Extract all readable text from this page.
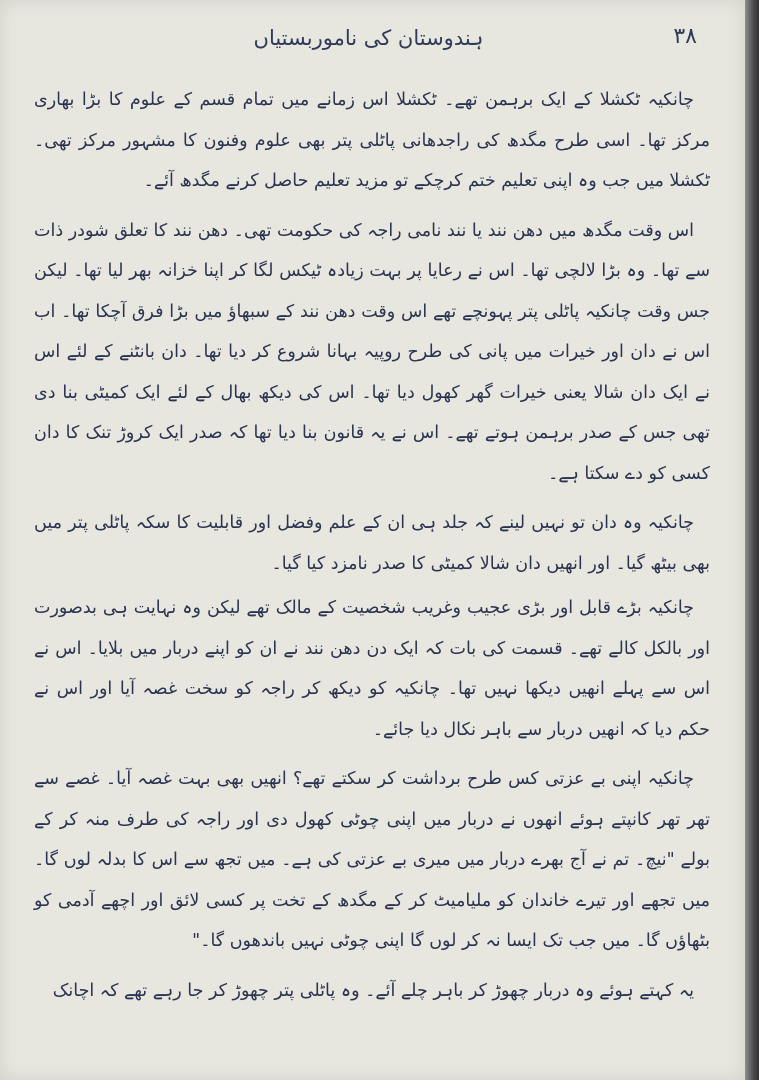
۳۸
ہندوستان کی ناموربستیاں

چانکیہ ٹکشلا کے ایک برہمن تھے۔ ٹکشلا اس زمانے میں تمام قسم کے علوم کا بڑا بھاری مرکز تھا۔ اسی طرح مگدھ کی راجدھانی پاٹلی پتر بھی علوم وفنون کا مشہور مرکز تھی۔ ٹکشلا میں جب وہ اپنی تعلیم ختم کرچکے تو مزید تعلیم حاصل کرنے مگدھ آئے۔

اس وقت مگدھ میں دھن نند یا نند نامی راجہ کی حکومت تھی۔ دھن نند کا تعلق شودر ذات سے تھا۔ وہ بڑا لالچی تھا۔ اس نے رعایا پر بہت زیادہ ٹیکس لگا کر اپنا خزانہ بھر لیا تھا۔ لیکن جس وقت چانکیہ پاٹلی پتر پہونچے تھے اس وقت دھن نند کے سبھاؤ میں بڑا فرق آچکا تھا۔ اب اس نے دان اور خیرات میں پانی کی طرح روپیہ بہانا شروع کر دیا تھا۔ دان بانٹنے کے لئے اس نے ایک دان شالا یعنی خیرات گھر کھول دیا تھا۔ اس کی دیکھ بھال کے لئے ایک کمیٹی بنا دی تھی جس کے صدر برہمن ہوتے تھے۔ اس نے یہ قانون بنا دیا تھا کہ صدر ایک کروڑ تنک کا دان کسی کو دے سکتا ہے۔

چانکیہ وہ دان تو نہیں لینے کہ جلد ہی ان کے علم وفضل اور قابلیت کا سکہ پاٹلی پتر میں بھی بیٹھ گیا۔ اور انھیں دان شالا کمیٹی کا صدر نامزد کیا گیا۔

چانکیہ بڑے قابل اور بڑی عجیب وغریب شخصیت کے مالک تھے لیکن وہ نہایت ہی بدصورت اور بالکل کالے تھے۔ قسمت کی بات کہ ایک دن دھن نند نے ان کو اپنے دربار میں بلایا۔ اس نے اس سے پہلے انھیں دیکھا نہیں تھا۔ چانکیہ کو دیکھ کر راجہ کو سخت غصہ آیا اور اس نے حکم دیا کہ انھیں دربار سے باہر نکال دیا جائے۔

چانکیہ اپنی بے عزتی کس طرح برداشت کر سکتے تھے؟ انھیں بھی بہت غصہ آیا۔ غصے سے تھر تھر کانپتے ہوئے انھوں نے دربار میں اپنی چوٹی کھول دی اور راجہ کی طرف منہ کر کے بولے "نیچ۔ تم نے آج بھرے دربار میں میری بے عزتی کی ہے۔ میں تجھ سے اس کا بدلہ لوں گا۔ میں تجھے اور تیرے خاندان کو ملیامیٹ کر کے مگدھ کے تخت پر کسی لائق اور اچھے آدمی کو بٹھاؤں گا۔ میں جب تک ایسا نہ کر لوں گا اپنی چوٹی نہیں باندھوں گا۔"

یہ کہتے ہوئے وہ دربار چھوڑ کر باہر چلے آئے۔ وہ پاٹلی پتر چھوڑ کر جا رہے تھے کہ اچانک
